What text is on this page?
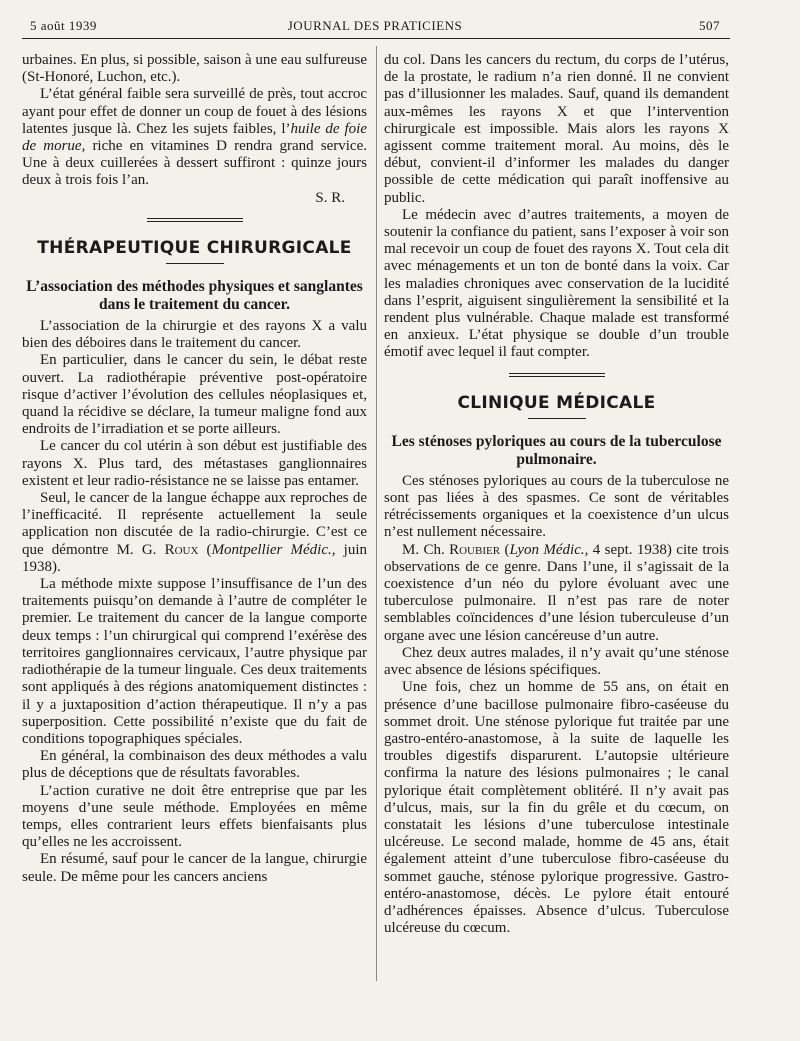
5 août 1939	JOURNAL DES PRATICIENS	507

urbaines. En plus, si possible, saison à une eau sulfureuse (St-Honoré, Luchon, etc.).

L’état général faible sera surveillé de près, tout accroc ayant pour effet de donner un coup de fouet à des lésions latentes jusque là. Chez les sujets faibles, l’huile de foie de morue, riche en vitamines D rendra grand service. Une à deux cuillerées à dessert suffiront : quinze jours deux à trois fois l’an.

S. R.

THÉRAPEUTIQUE CHIRURGICALE
L’association des méthodes physiques et sanglantes dans le traitement du cancer.

L’association de la chirurgie et des rayons X a valu bien des déboires dans le traitement du cancer.

En particulier, dans le cancer du sein, le débat reste ouvert. La radiothérapie préventive post-opératoire risque d’activer l’évolution des cellules néoplasiques et, quand la récidive se déclare, la tumeur maligne fond aux endroits de l’irradiation et se porte ailleurs.

Le cancer du col utérin à son début est justifiable des rayons X. Plus tard, des métastases ganglionnaires existent et leur radio-résistance ne se laisse pas entamer.

Seul, le cancer de la langue échappe aux reproches de l’inefficacité. Il représente actuellement la seule application non discutée de la radio-chirurgie. C’est ce que démontre M. G. Roux (Montpellier Médic., juin 1938).

La méthode mixte suppose l’insuffisance de l’un des traitements puisqu’on demande à l’autre de compléter le premier. Le traitement du cancer de la langue comporte deux temps : l’un chirurgical qui comprend l’exérèse des territoires ganglionnaires cervicaux, l’autre physique par radiothérapie de la tumeur linguale. Ces deux traitements sont appliqués à des régions anatomiquement distinctes : il y a juxtaposition d’action thérapeutique. Il n’y a pas superposition. Cette possibilité n’existe que du fait de conditions topographiques spéciales.

En général, la combinaison des deux méthodes a valu plus de déceptions que de résultats favorables.

L’action curative ne doit être entreprise que par les moyens d’une seule méthode. Employées en même temps, elles contrarient leurs effets bienfaisants plus qu’elles ne les accroissent.

En résumé, sauf pour le cancer de la langue, chirurgie seule. De même pour les cancers anciens

du col. Dans les cancers du rectum, du corps de l’utérus, de la prostate, le radium n’a rien donné. Il ne convient pas d’illusionner les malades. Sauf, quand ils demandent aux-mêmes les rayons X et que l’intervention chirurgicale est impossible. Mais alors les rayons X agissent comme traitement moral. Au moins, dès le début, convient-il d’informer les malades du danger possible de cette médication qui paraît inoffensive au public.

Le médecin avec d’autres traitements, a moyen de soutenir la confiance du patient, sans l’exposer à voir son mal recevoir un coup de fouet des rayons X. Tout cela dit avec ménagements et un ton de bonté dans la voix. Car les maladies chroniques avec conservation de la lucidité dans l’esprit, aiguisent singulièrement la sensibilité et la rendent plus vulnérable. Chaque malade est transformé en anxieux. L’état physique se double d’un trouble émotif avec lequel il faut compter.

CLINIQUE MÉDICALE
Les sténoses pyloriques au cours de la tuberculose pulmonaire.

Ces sténoses pyloriques au cours de la tuberculose ne sont pas liées à des spasmes. Ce sont de véritables rétrécissements organiques et la coexistence d’un ulcus n’est nullement nécessaire.

M. Ch. Roubier (Lyon Médic., 4 sept. 1938) cite trois observations de ce genre. Dans l’une, il s’agissait de la coexistence d’un néo du pylore évoluant avec une tuberculose pulmonaire. Il n’est pas rare de noter semblables coïncidences d’une lésion tuberculeuse d’un organe avec une lésion cancéreuse d’un autre.

Chez deux autres malades, il n’y avait qu’une sténose avec absence de lésions spécifiques.

Une fois, chez un homme de 55 ans, on était en présence d’une bacillose pulmonaire fibro-caséeuse du sommet droit. Une sténose pylorique fut traitée par une gastro-entéro-anastomose, à la suite de laquelle les troubles digestifs disparurent. L’autopsie ultérieure confirma la nature des lésions pulmonaires ; le canal pylorique était complètement oblitéré. Il n’y avait pas d’ulcus, mais, sur la fin du grêle et du cœcum, on constatait les lésions d’une tuberculose intestinale ulcéreuse. Le second malade, homme de 45 ans, était également atteint d’une tuberculose fibro-caséeuse du sommet gauche, sténose pylorique progressive. Gastro-entéro-anastomose, décès. Le pylore était entouré d’adhérences épaisses. Absence d’ulcus. Tuberculose ulcéreuse du cœcum.
